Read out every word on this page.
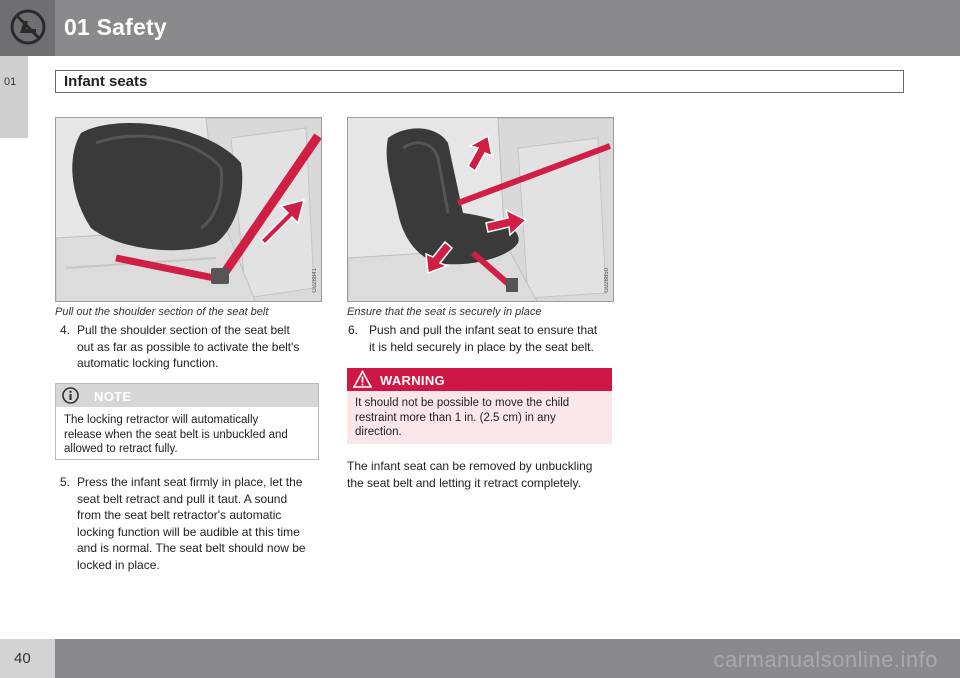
01 Safety
01	Infant seats
G028841
Pull out the shoulder section of the seat belt
G028850
Ensure that the seat is securely in place
4. Pull the shoulder section of the seat belt
out as far as possible to activate the belt's
automatic locking function.
NOTE
The locking retractor will automatically
release when the seat belt is unbuckled and
allowed to retract fully.
5. Press the infant seat firmly in place, let the
seat belt retract and pull it taut. A sound
from the seat belt retractor's automatic
locking function will be audible at this time
and is normal. The seat belt should now be
locked in place.
6. Push and pull the infant seat to ensure that
it is held securely in place by the seat belt.
WARNING
It should not be possible to move the child
restraint more than 1 in. (2.5 cm) in any
direction.
The infant seat can be removed by unbuckling
the seat belt and letting it retract completely.
40	carmanualsonline.info
